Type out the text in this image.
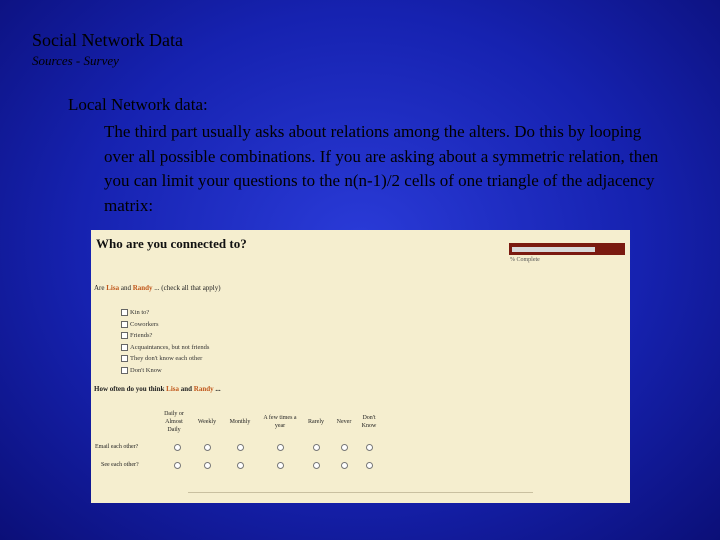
Social Network Data
Sources - Survey
Local Network data:
The third part usually asks about relations among the alters. Do this by looping over all possible combinations. If you are asking about a symmetric relation, then you can limit your questions to the n(n-1)/2 cells of one triangle of the adjacency matrix:
Who are you connected to?
% Complete
Are Lisa and Randy ... (check all that apply)
Kin to?
Coworkers
Friends?
Acquaintances, but not friends
They don't know each other
Don't Know
How often do you think Lisa and Randy ...
Daily or Almost Daily
Weekly	Monthly
A few times a year
Rarely	Never
Don't Know
Email each other?
See each other?
